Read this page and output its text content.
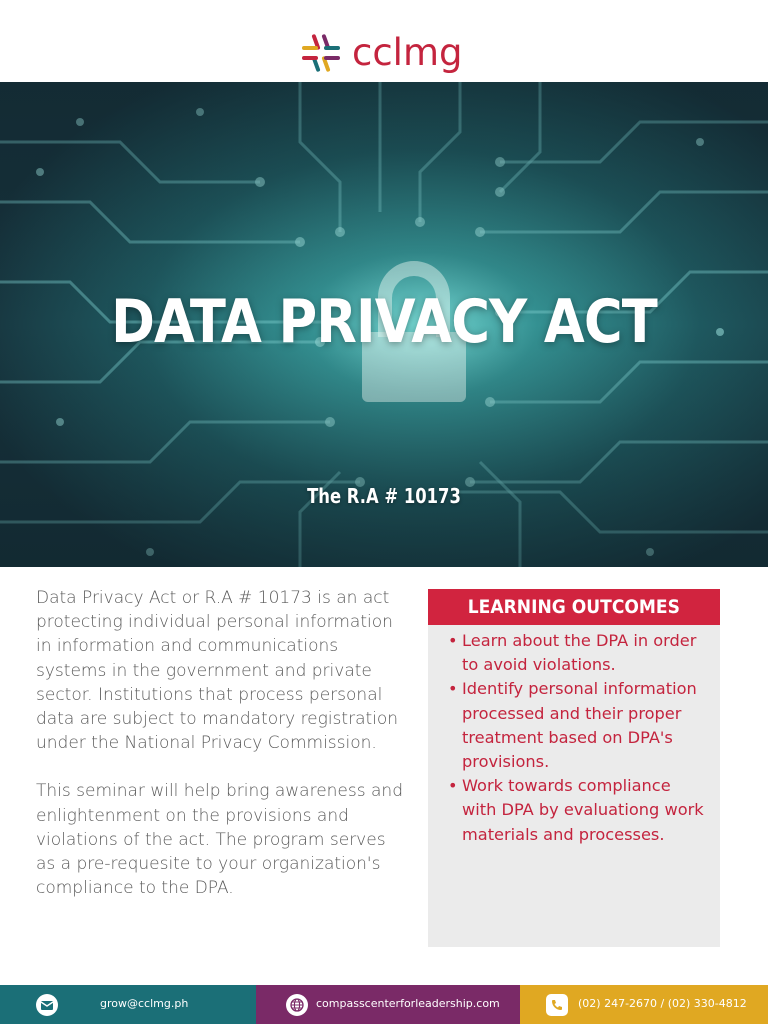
cclmg
DATA PRIVACY ACT
The R.A # 10173

Data Privacy Act or R.A # 10173 is an act protecting individual personal information in information and communications systems in the government and private sector. Institutions that process personal data are subject to mandatory registration under the National Privacy Commission.

This seminar will help bring awareness and enlightenment on the provisions and violations of the act. The program serves as a pre-requesite to your organization's compliance to the DPA.

LEARNING OUTCOMES
• Learn about the DPA in order to avoid violations.
• Identify personal information processed and their proper treatment based on DPA's provisions.
• Work towards compliance with DPA by evaluationg work materials and processes.
grow@cclmg.ph	compasscenterforleadership.com	(02) 247-2670 / (02) 330-4812
